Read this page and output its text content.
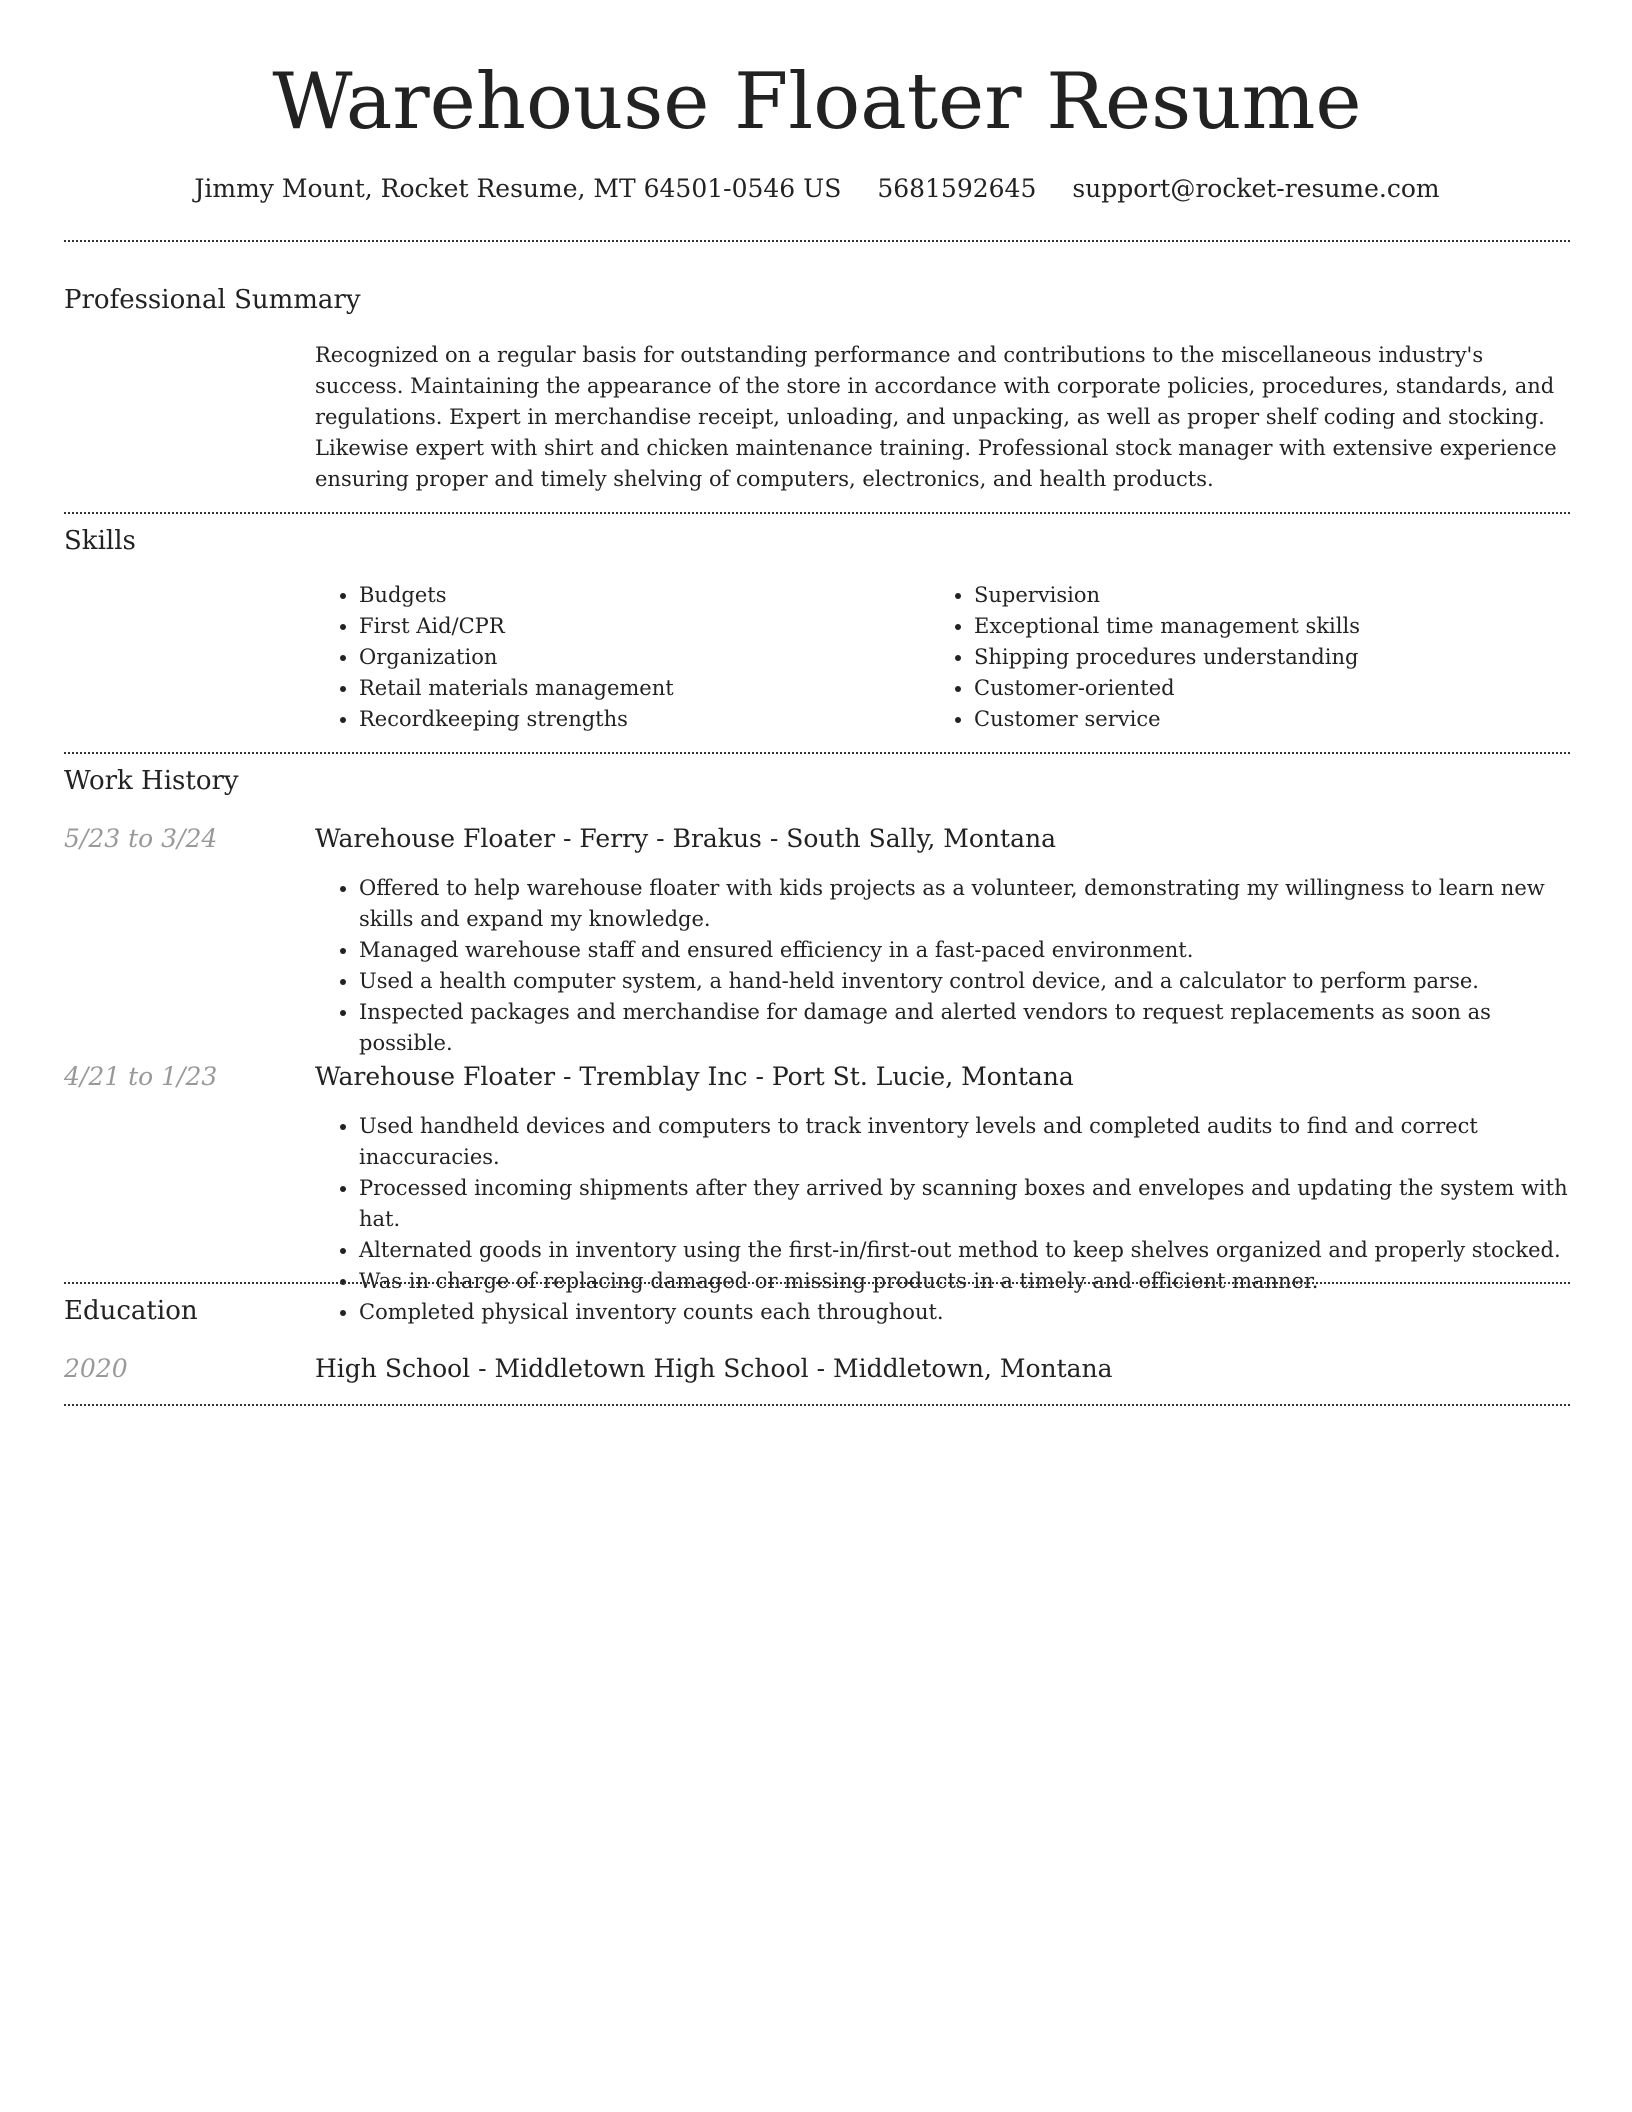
Warehouse Floater Resume
Jimmy Mount, Rocket Resume, MT 64501-0546 US 5681592645 support@rocket-resume.com
Professional Summary

Recognized on a regular basis for outstanding performance and contributions to the miscellaneous industry's success. Maintaining the appearance of the store in accordance with corporate policies, procedures, standards, and regulations. Expert in merchandise receipt, unloading, and unpacking, as well as proper shelf coding and stocking. Likewise expert with shirt and chicken maintenance training. Professional stock manager with extensive experience ensuring proper and timely shelving of computers, electronics, and health products.

Skills
• Budgets
• First Aid/CPR
• Organization
• Retail materials management
• Recordkeeping strengths
• Supervision
• Exceptional time management skills
• Shipping procedures understanding
• Customer-oriented
• Customer service
Work History
5/23 to 3/24	Warehouse Floater - Ferry - Brakus - South Sally, Montana
• Offered to help warehouse floater with kids projects as a volunteer, demonstrating my willingness to learn new skills and expand my knowledge.
• Managed warehouse staff and ensured efficiency in a fast-paced environment.
• Used a health computer system, a hand-held inventory control device, and a calculator to perform parse.
• Inspected packages and merchandise for damage and alerted vendors to request replacements as soon as possible.
4/21 to 1/23	Warehouse Floater - Tremblay Inc - Port St. Lucie, Montana
• Used handheld devices and computers to track inventory levels and completed audits to find and correct inaccuracies.
• Processed incoming shipments after they arrived by scanning boxes and envelopes and updating the system with hat.
• Alternated goods in inventory using the first-in/first-out method to keep shelves organized and properly stocked.
• Was in charge of replacing damaged or missing products in a timely and efficient manner.
• Completed physical inventory counts each throughout.
Education
2020	High School - Middletown High School - Middletown, Montana
